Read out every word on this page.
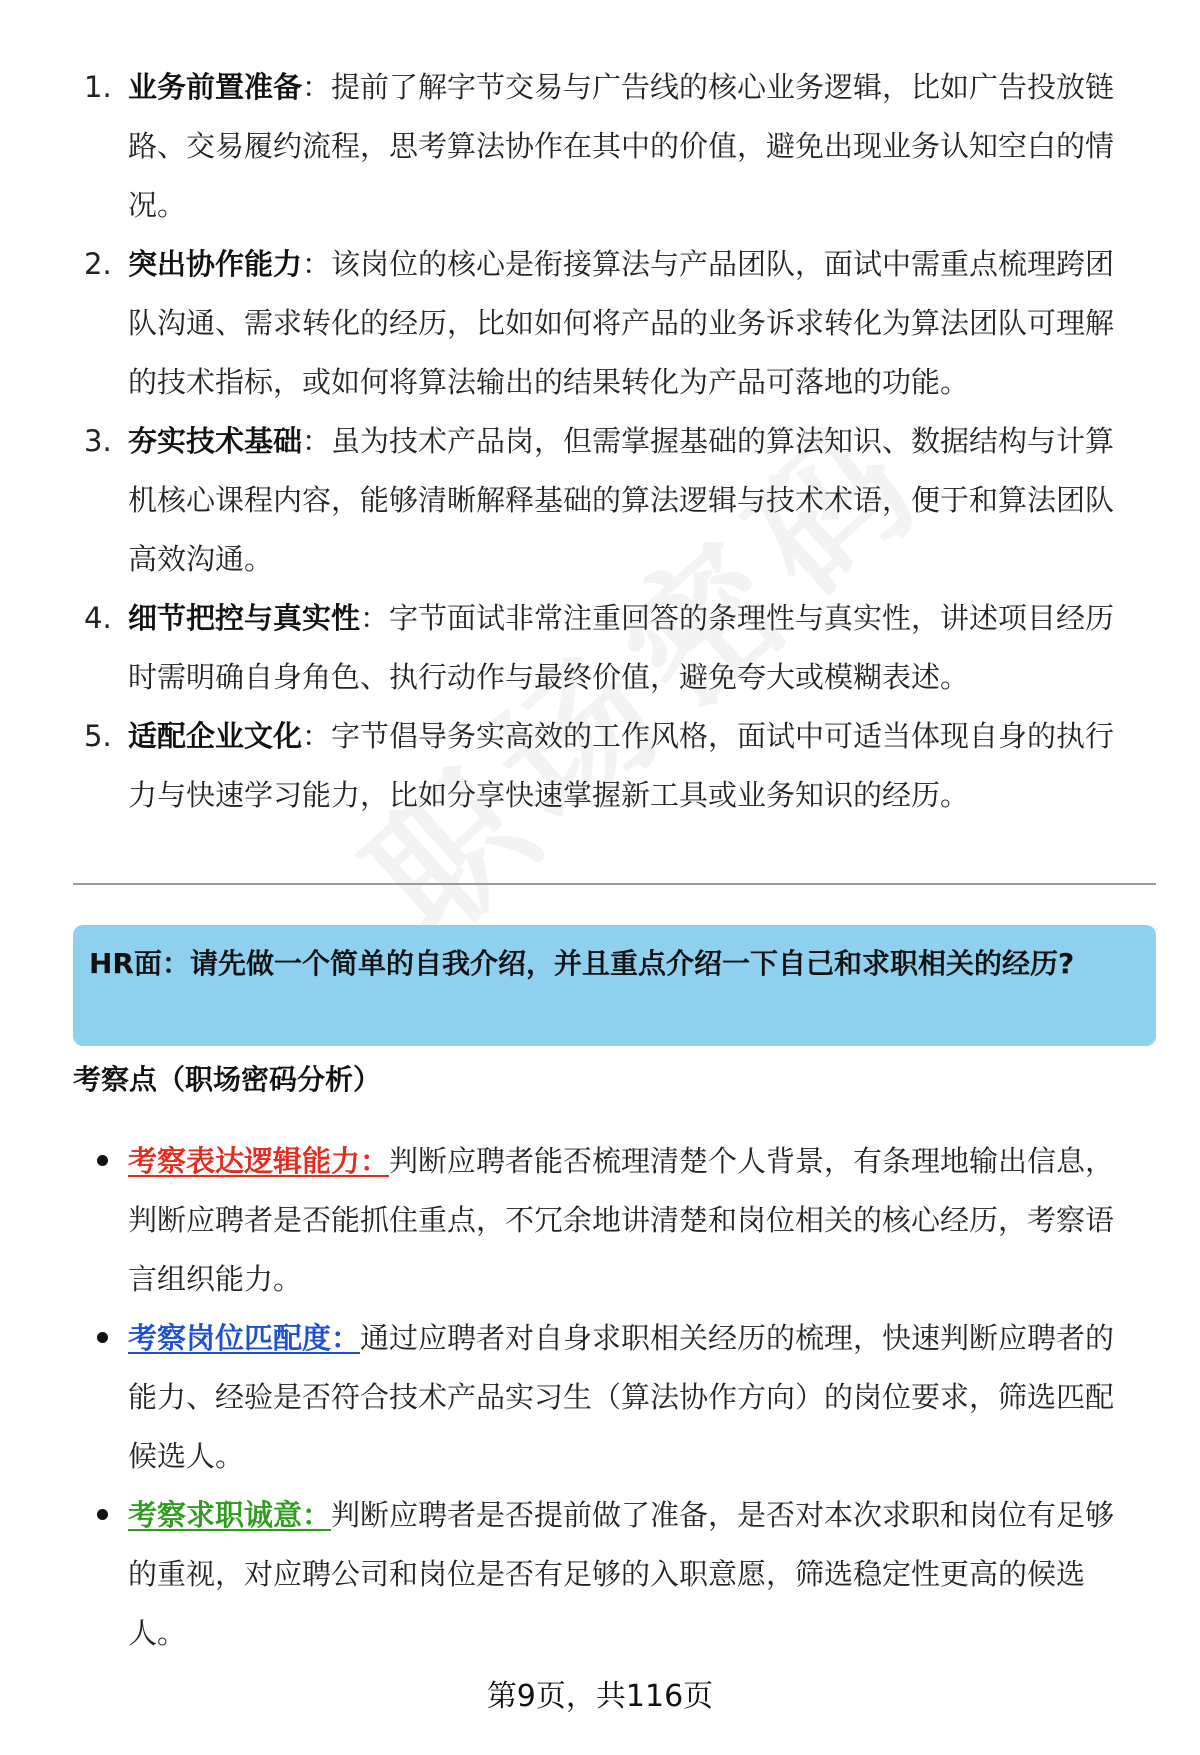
1. 业务前置准备：提前了解字节交易与广告线的核心业务逻辑，比如广告投放链路、交易履约流程，思考算法协作在其中的价值，避免出现业务认知空白的情况。
2. 突出协作能力：该岗位的核心是衔接算法与产品团队，面试中需重点梳理跨团队沟通、需求转化的经历，比如如何将产品的业务诉求转化为算法团队可理解的技术指标，或如何将算法输出的结果转化为产品可落地的功能。
3. 夯实技术基础：虽为技术产品岗，但需掌握基础的算法知识、数据结构与计算机核心课程内容，能够清晰解释基础的算法逻辑与技术术语，便于和算法团队高效沟通。
4. 细节把控与真实性：字节面试非常注重回答的条理性与真实性，讲述项目经历时需明确自身角色、执行动作与最终价值，避免夸大或模糊表述。
5. 适配企业文化：字节倡导务实高效的工作风格，面试中可适当体现自身的执行力与快速学习能力，比如分享快速掌握新工具或业务知识的经历。
HR面：请先做一个简单的自我介绍，并且重点介绍一下自己和求职相关的经历?
考察点（职场密码分析）
考察表达逻辑能力：判断应聘者能否梳理清楚个人背景，有条理地输出信息，判断应聘者是否能抓住重点，不冗余地讲清楚和岗位相关的核心经历，考察语言组织能力。
考察岗位匹配度：通过应聘者对自身求职相关经历的梳理，快速判断应聘者的能力、经验是否符合技术产品实习生（算法协作方向）的岗位要求，筛选匹配候选人。
考察求职诚意：判断应聘者是否提前做了准备，是否对本次求职和岗位有足够的重视，对应聘公司和岗位是否有足够的入职意愿，筛选稳定性更高的候选人。
第9页，共116页
